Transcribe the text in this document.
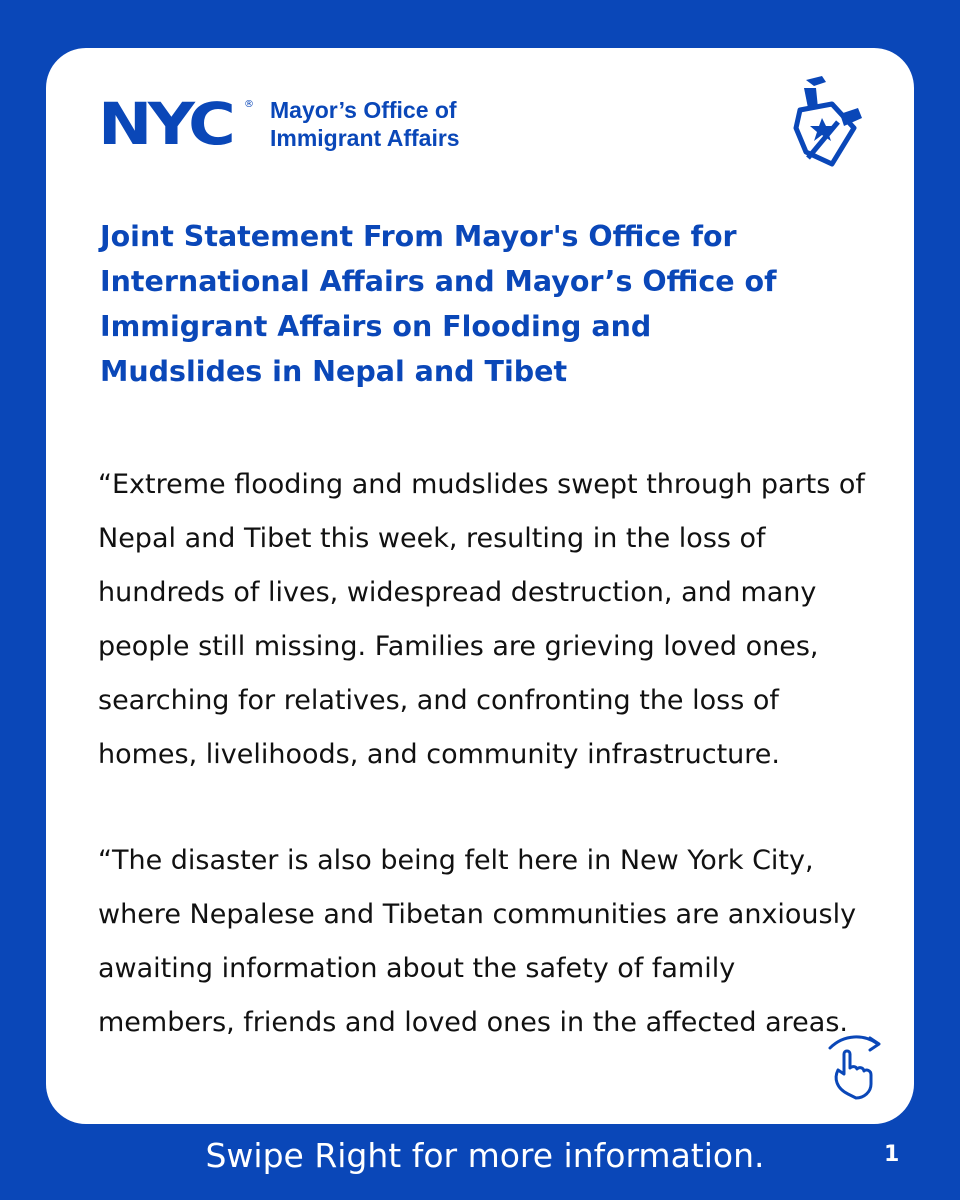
NYC	® Mayor’s Office of
Immigrant Affairs
Joint Statement From Mayor's Office for International Affairs and Mayor’s Office of Immigrant Affairs on Flooding and Mudslides in Nepal and Tibet

“Extreme flooding and mudslides swept through parts of Nepal and Tibet this week, resulting in the loss of hundreds of lives, widespread destruction, and many people still missing. Families are grieving loved ones, searching for relatives, and confronting the loss of homes, livelihoods, and community infrastructure.

“The disaster is also being felt here in New York City, where Nepalese and Tibetan communities are anxiously awaiting information about the safety of family members, friends and loved ones in the affected areas.

Swipe Right for more information.	1
